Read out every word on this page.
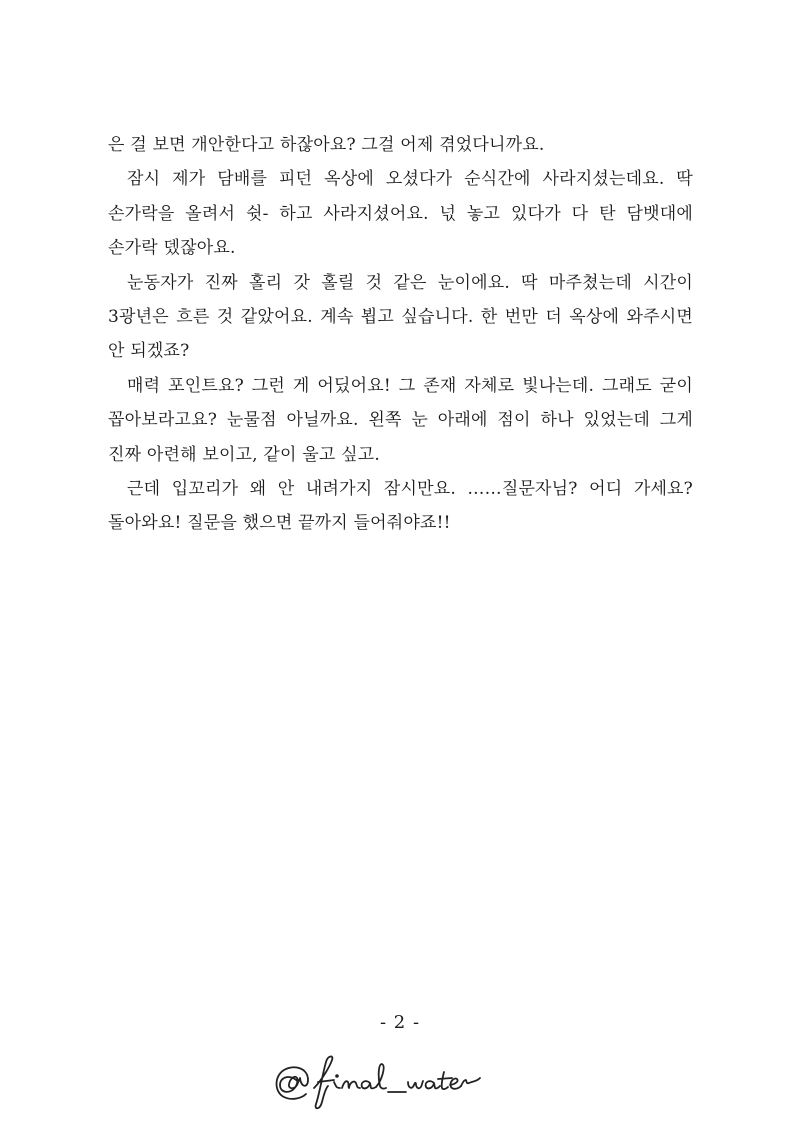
은 걸 보면 개안한다고 하잖아요? 그걸 어제 겪었다니까요.

잠시 제가 담배를 피던 옥상에 오셨다가 순식간에 사라지셨는데요. 딱 손가락을 올려서 쉿- 하고 사라지셨어요. 넋 놓고 있다가 다 탄 담뱃대에 손가락 뎄잖아요.

눈동자가 진짜 홀리 갓 홀릴 것 같은 눈이에요. 딱 마주쳤는데 시간이 3광년은 흐른 것 같았어요. 계속 뵙고 싶습니다. 한 번만 더 옥상에 와주시면 안 되겠죠?

매력 포인트요? 그런 게 어딨어요! 그 존재 자체로 빛나는데. 그래도 굳이 꼽아보라고요? 눈물점 아닐까요. 왼쪽 눈 아래에 점이 하나 있었는데 그게 진짜 아련해 보이고, 같이 울고 싶고.

근데 입꼬리가 왜 안 내려가지 잠시만요. ……질문자님? 어디 가세요? 돌아와요! 질문을 했으면 끝까지 들어줘야죠!!

- 2 -
